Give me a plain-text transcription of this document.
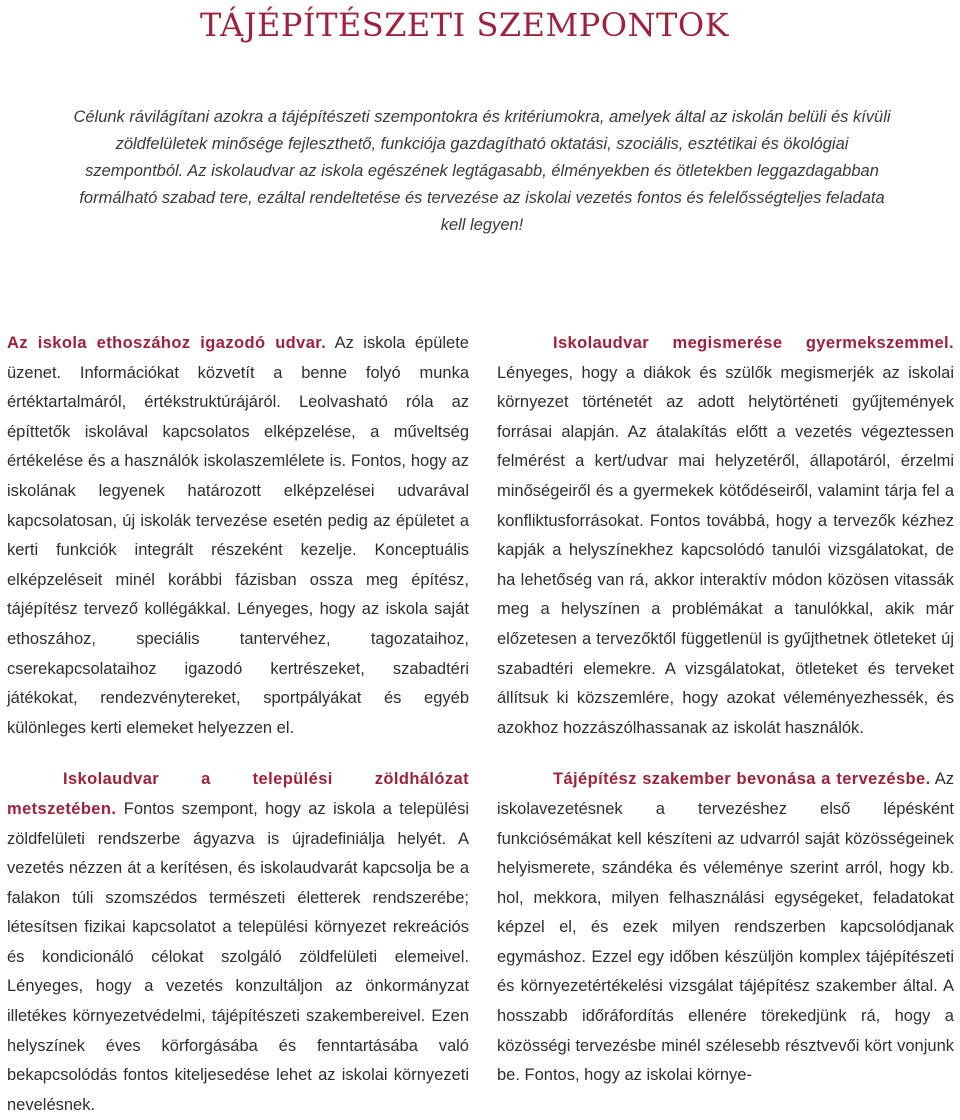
TÁJÉPÍTÉSZETI SZEMPONTOK

Célunk rávilágítani azokra a tájépítészeti szempontokra és kritériumokra, amelyek által az iskolán belüli és kívüli zöldfelületek minősége fejleszthető, funkciója gazdagítható oktatási, szociális, esztétikai és ökológiai szempontból. Az iskolaudvar az iskola egészének legtágasabb, élményekben és ötletekben leggazdagabban formálható szabad tere, ezáltal rendeltetése és tervezése az iskolai vezetés fontos és felelősségteljes feladata kell legyen!

Az iskola ethoszához igazodó udvar. Az iskola épülete üzenet. Információkat közvetít a benne folyó munka értéktartalmáról, értékstruktúrájáról. Leolvasható róla az építtetők iskolával kapcsolatos elképzelése, a műveltség értékelése és a használók iskolaszemlélete is. Fontos, hogy az iskolának legyenek határozott elképzelései udvarával kapcsolatosan, új iskolák tervezése esetén pedig az épületet a kerti funkciók integrált részeként kezelje. Konceptuális elképzeléseit minél korábbi fázisban ossza meg építész, tájépítész tervező kollégákkal. Lényeges, hogy az iskola saját ethoszához, speciális tantervéhez, tagozataihoz, cserekapcsolataihoz igazodó kertrészeket, szabadtéri játékokat, rendezvénytereket, sportpályákat és egyéb különleges kerti elemeket helyezzen el.

Iskolaudvar a települési zöldhálózat metszetében. Fontos szempont, hogy az iskola a települési zöldfelületi rendszerbe ágyazva is újradefiniálja helyét. A vezetés nézzen át a kerítésen, és iskolaudvarát kapcsolja be a falakon túli szomszédos természeti életterek rendszerébe; létesítsen fizikai kapcsolatot a települési környezet rekreációs és kondicionáló célokat szolgáló zöldfelületi elemeivel. Lényeges, hogy a vezetés konzultáljon az önkormányzat illetékes környezetvédelmi, tájépítészeti szakembereivel. Ezen helyszínek éves körforgásába és fenntartásába való bekapcsolódás fontos kiteljesedése lehet az iskolai környezeti nevelésnek.

Iskolaudvar megismerése gyermekszemmel. Lényeges, hogy a diákok és szülők megismerjék az iskolai környezet történetét az adott helytörténeti gyűjtemények forrásai alapján. Az átalakítás előtt a vezetés végeztessen felmérést a kert/udvar mai helyzetéről, állapotáról, érzelmi minőségeiről és a gyermekek kötődéseiről, valamint tárja fel a konfliktusforrásokat. Fontos továbbá, hogy a tervezők kézhez kapják a helyszínekhez kapcsolódó tanulói vizsgálatokat, de ha lehetőség van rá, akkor interaktív módon közösen vitassák meg a helyszínen a problémákat a tanulókkal, akik már előzetesen a tervezőktől függetlenül is gyűjthetnek ötleteket új szabadtéri elemekre. A vizsgálatokat, ötleteket és terveket állítsuk ki közszemlére, hogy azokat véleményezhessék, és azokhoz hozzászólhassanak az iskolát használók.

Tájépítész szakember bevonása a tervezésbe. Az iskolavezetésnek a tervezéshez első lépésként funkciósémákat kell készíteni az udvarról saját közösségeinek helyismerete, szándéka és véleménye szerint arról, hogy kb. hol, mekkora, milyen felhasználási egységeket, feladatokat képzel el, és ezek milyen rendszerben kapcsolódjanak egymáshoz. Ezzel egy időben készüljön komplex tájépítészeti és környezetértékelési vizsgálat tájépítész szakember által. A hosszabb időráfordítás ellenére törekedjünk rá, hogy a közösségi tervezésbe minél szélesebb résztvevői kört vonjunk be. Fontos, hogy az iskolai környe-
